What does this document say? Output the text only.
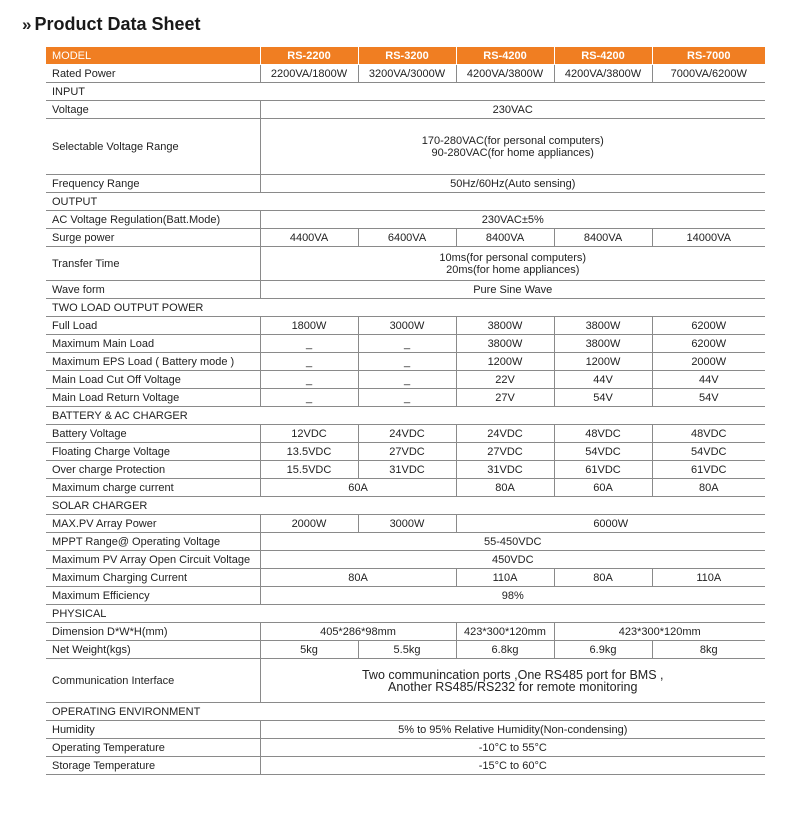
» Product Data Sheet
MODEL	RS-2200	RS-3200	RS-4200	RS-4200	RS-7000
Rated Power	2200VA/1800W	3200VA/3000W	4200VA/3800W	4200VA/3800W	7000VA/6200W
INPUT					
Voltage	230VAC				
Selectable Voltage Range	170-280VAC(for personal computers)
90-280VAC(for home appliances)				

Frequency Range	50Hz/60Hz(Auto sensing)				
OUTPUT					
AC Voltage Regulation(Batt.Mode)	230VAC±5%				
Surge power	4400VA	6400VA	8400VA	8400VA	14000VA
Transfer Time	10ms(for personal computers)
20ms(for home appliances)				

Wave form	Pure Sine Wave				
TWO LOAD OUTPUT POWER					
Full Load	1800W	3000W	3800W	3800W	6200W
Maximum Main Load	_	_	3800W	3800W	6200W
Maximum EPS Load ( Battery mode )	_	_	1200W	1200W	2000W
Main Load Cut Off Voltage	_	_	22V	44V	44V
Main Load Return Voltage	_	_	27V	54V	54V
BATTERY & AC CHARGER					
Battery Voltage	12VDC	24VDC	24VDC	48VDC	48VDC
Floating Charge Voltage	13.5VDC	27VDC	27VDC	54VDC	54VDC
Over charge Protection	15.5VDC	31VDC	31VDC	61VDC	61VDC
Maximum charge current	60A		80A	60A	80A
SOLAR CHARGER					
MAX.PV Array Power	2000W	3000W	6000W		
MPPT Range@ Operating Voltage	55-450VDC				
Maximum PV Array Open Circuit Voltage	450VDC				
Maximum Charging Current	80A		110A	80A	110A
Maximum Efficiency	98%				
PHYSICAL					
Dimension D*W*H(mm)	405*286*98mm		423*300*120mm	423*300*120mm	
Net Weight(kgs)	5kg	5.5kg	6.8kg	6.9kg	8kg
Communication Interface	Two communincation ports ,One RS485 port for BMS ,
Another RS485/RS232 for remote monitoring				

OPERATING ENVIRONMENT					
Humidity	5% to 95% Relative Humidity(Non-condensing)				
Operating Temperature	-10°C to 55°C				
Storage Temperature	-15°C to 60°C				
